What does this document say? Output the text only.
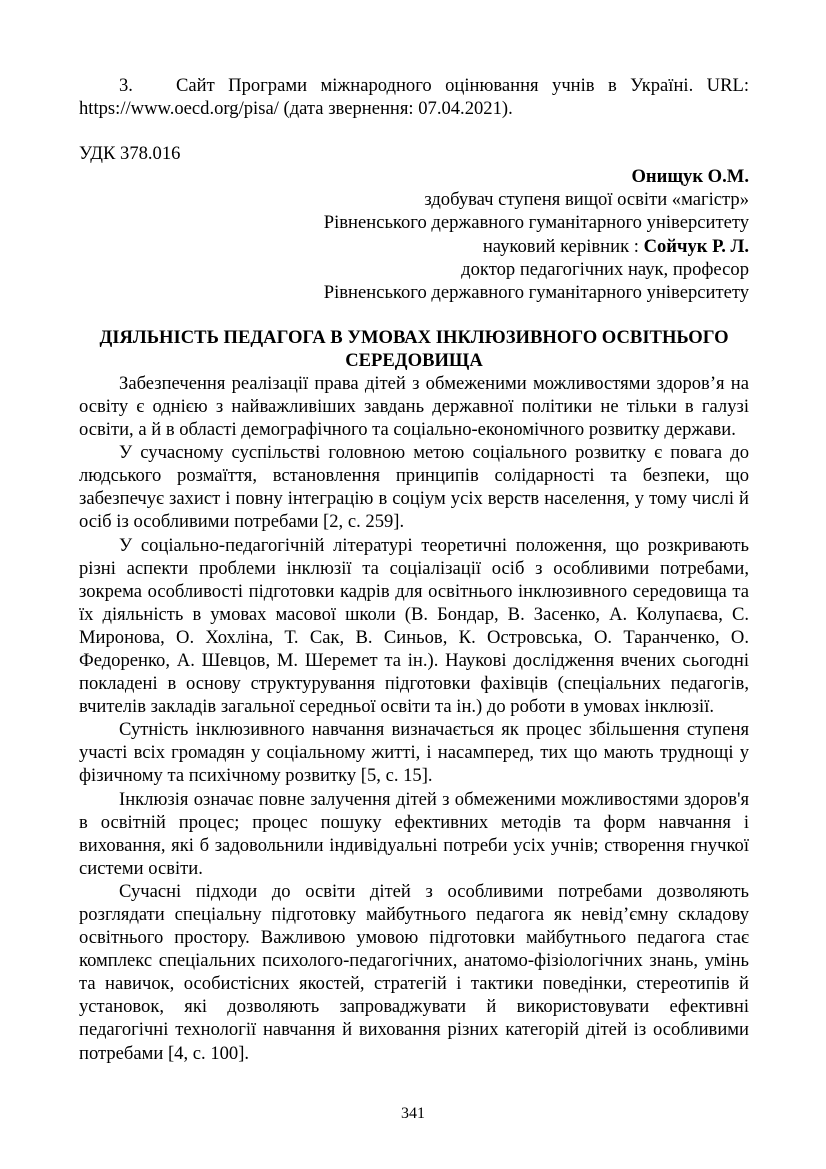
3. Сайт Програми міжнародного оцінювання учнів в Україні. URL: https://www.oecd.org/pisa/ (дата звернення: 07.04.2021).

УДК 378.016

Онищук О.М.

здобувач ступеня вищої освіти «магістр»

Рівненського державного гуманітарного університету

науковий керівник : Сойчук Р. Л.

доктор педагогічних наук, професор

Рівненського державного гуманітарного університету

ДІЯЛЬНІСТЬ ПЕДАГОГА В УМОВАХ ІНКЛЮЗИВНОГО ОСВІТНЬОГО

СЕРЕДОВИЩА

Забезпечення реалізації права дітей з обмеженими можливостями здоров’я на освіту є однією з найважливіших завдань державної політики не тільки в галузі освіти, а й в області демографічного та соціально-економічного розвитку держави.

У сучасному суспільстві головною метою соціального розвитку є повага до людського розмаїття, встановлення принципів солідарності та безпеки, що забезпечує захист і повну інтеграцію в соціум усіх верств населення, у тому числі й осіб із особливими потребами [2, с. 259].

У соціально-педагогічній літературі теоретичні положення, що розкривають різні аспекти проблеми інклюзії та соціалізації осіб з особливими потребами, зокрема особливості підготовки кадрів для освітнього інклюзивного середовища та їх діяльність в умовах масової школи (В. Бондар, В. Засенко, А. Колупаєва, С. Миронова, О. Хохліна, Т. Сак, В. Синьов, К. Островська, О. Таранченко, О. Федоренко, А. Шевцов, М. Шеремет та ін.). Наукові дослідження вчених сьогодні покладені в основу структурування підготовки фахівців (спеціальних педагогів, вчителів закладів загальної середньої освіти та ін.) до роботи в умовах інклюзії.

Сутність інклюзивного навчання визначається як процес збільшення ступеня участі всіх громадян у соціальному житті, і насамперед, тих що мають труднощі у фізичному та психічному розвитку [5, с. 15].

Інклюзія означає повне залучення дітей з обмеженими можливостями здоров'я в освітній процес; процес пошуку ефективних методів та форм навчання і виховання, які б задовольнили індивідуальні потреби усіх учнів; створення гнучкої системи освіти.

Сучасні підходи до освіти дітей з особливими потребами дозволяють розглядати спеціальну підготовку майбутнього педагога як невід’ємну складову освітнього простору. Важливою умовою підготовки майбутнього педагога стає комплекс спеціальних психолого-педагогічних, анатомо-фізіологічних знань, умінь та навичок, особистісних якостей, стратегій і тактики поведінки, стереотипів й установок, які дозволяють запроваджувати й використовувати ефективні педагогічні технології навчання й виховання різних категорій дітей із особливими потребами [4, с. 100].

341
